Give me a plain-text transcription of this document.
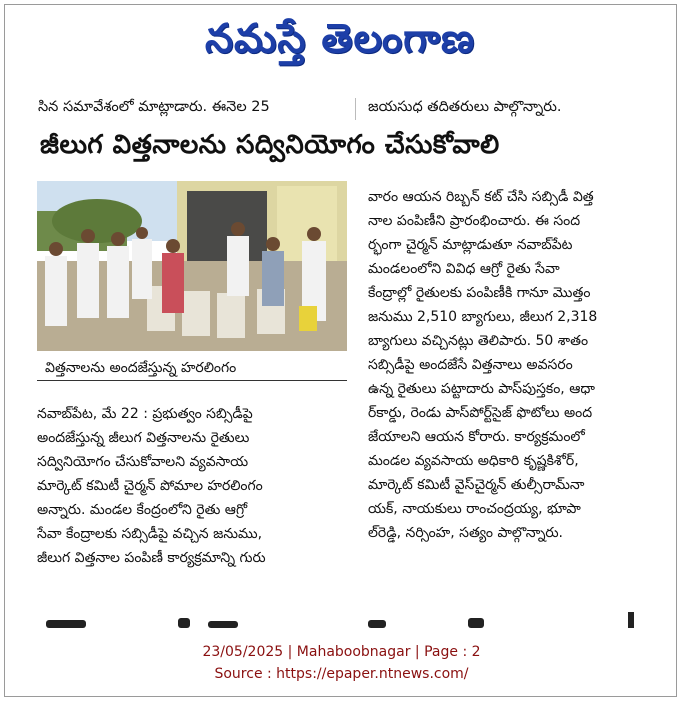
నమస్తే తెలంగాణ
సిన సమావేశంలో మాట్లాడారు. ఈనెల 25	జయసుధ తదితరులు పాల్గొన్నారు.
జీలుగ విత్తనాలను సద్వినియోగం చేసుకోవాలి
విత్తనాలను అందజేస్తున్న హరలింగం
నవాబ్‌పేట, మే 22 : ప్రభుత్వం సబ్సిడీపై
అందజేస్తున్న జీలుగ విత్తనాలను రైతులు
సద్వినియోగం చేసుకోవాలని వ్యవసాయ
మార్కెట్ కమిటీ చైర్మన్ పోమాల హరలింగం
అన్నారు. మండల కేంద్రంలోని రైతు ఆగ్రో
సేవా కేంద్రాలకు సబ్సిడీపై వచ్చిన జనుము,
జీలుగ విత్తనాల పంపిణీ కార్యక్రమాన్ని గురు
వారం ఆయన రిబ్బన్ కట్ చేసి సబ్సిడీ విత్త
నాల పంపిణీని ప్రారంభించారు. ఈ సంద
ర్భంగా చైర్మన్ మాట్లాడుతూ నవాబ్‌పేట
మండలంలోని వివిధ ఆగ్రో రైతు సేవా
కేంద్రాల్లో రైతులకు పంపిణీకి గానూ మొత్తం
జనుము 2,510 బ్యాగులు, జీలుగ 2,318
బ్యాగులు వచ్చినట్లు తెలిపారు. 50 శాతం
సబ్సిడీపై అందజేసే విత్తనాలు అవసరం
ఉన్న రైతులు పట్టాదారు పాస్‌పుస్తకం, ఆధా
ర్‌కార్డు, రెండు పాస్‌పోర్ట్‌సైజ్ ఫొటోలు అంద
జేయాలని ఆయన కోరారు. కార్యక్రమంలో
మండల వ్యవసాయ అధికారి కృష్ణకిశోర్,
మార్కెట్ కమిటీ వైస్‌చైర్మన్ తుల్సీరామ్‌నా
యక్, నాయకులు రాంచంద్రయ్య, భూపా
ల్‌రెడ్డి, నర్సింహ, సత్యం పాల్గొన్నారు.
23/05/2025 | Mahaboobnagar | Page : 2
Source : https://epaper.ntnews.com/
